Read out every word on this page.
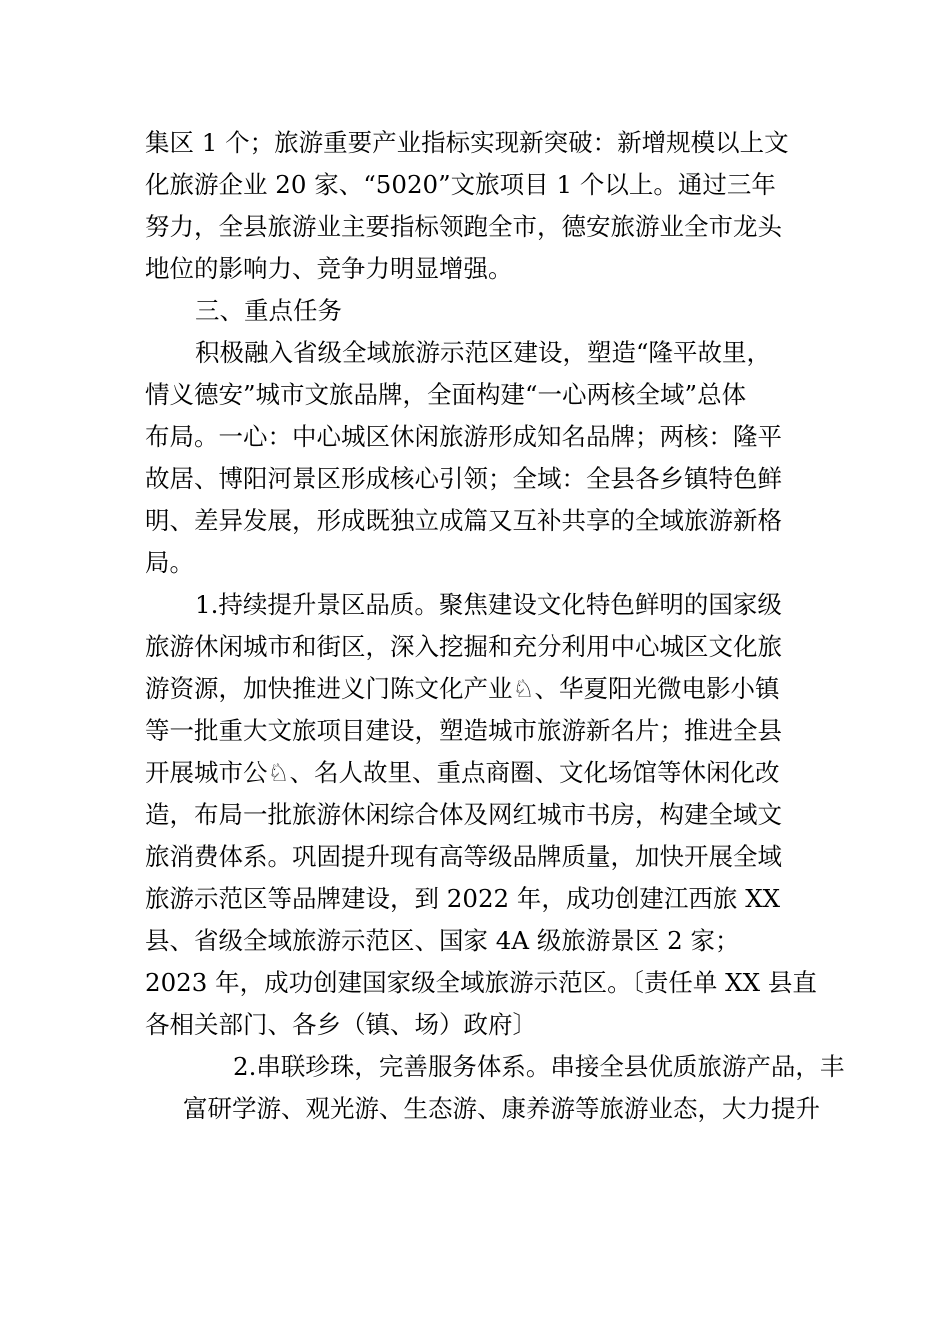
集区 1 个；旅游重要产业指标实现新突破：新增规模以上文

化旅游企业 20 家、“5020”文旅项目 1 个以上。通过三年

努力，全县旅游业主要指标领跑全市，德安旅游业全市龙头

地位的影响力、竞争力明显增强。

三、重点任务

积极融入省级全域旅游示范区建设，塑造“隆平故里，

情义德安”城市文旅品牌，全面构建“一心两核全域”总体

布局。一心：中心城区休闲旅游形成知名品牌；两核：隆平

故居、博阳河景区形成核心引领；全域：全县各乡镇特色鲜

明、差异发展，形成既独立成篇又互补共享的全域旅游新格

局。

1.持续提升景区品质。聚焦建设文化特色鲜明的国家级

旅游休闲城市和街区，深入挖掘和充分利用中心城区文化旅

游资源，加快推进义门陈文化产业♘、华夏阳光微电影小镇

等一批重大文旅项目建设，塑造城市旅游新名片；推进全县

开展城市公♘、名人故里、重点商圈、文化场馆等休闲化改

造，布局一批旅游休闲综合体及网红城市书房，构建全域文

旅消费体系。巩固提升现有高等级品牌质量，加快开展全域

旅游示范区等品牌建设，到 2022 年，成功创建江西旅 XX

县、省级全域旅游示范区、国家 4A 级旅游景区 2 家；

2023 年，成功创建国家级全域旅游示范区。〔责任单 XX 县直

各相关部门、各乡（镇、场）政府〕

2.串联珍珠，完善服务体系。串接全县优质旅游产品，丰

富研学游、观光游、生态游、康养游等旅游业态，大力提升
